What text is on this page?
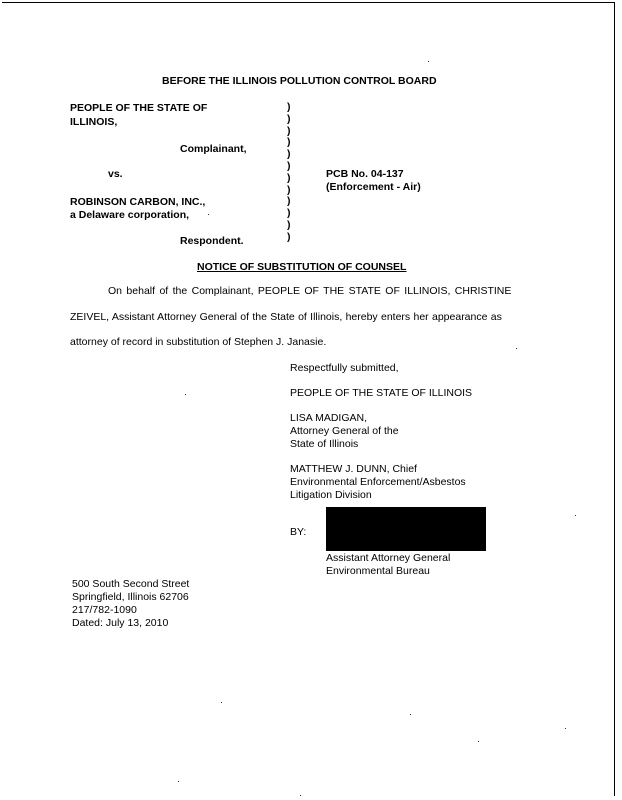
BEFORE THE ILLINOIS POLLUTION CONTROL BOARD
PEOPLE OF THE STATE OF
ILLINOIS,
Complainant,
vs.
ROBINSON CARBON, INC.,
a Delaware corporation,
Respondent.
)
)
)
)
)
)
)
)
)
)
)
)
PCB No. 04-137
(Enforcement - Air)
NOTICE OF SUBSTITUTION OF COUNSEL
On behalf of the Complainant, PEOPLE OF THE STATE OF ILLINOIS, CHRISTINE
ZEIVEL, Assistant Attorney General of the State of Illinois, hereby enters her appearance as
attorney of record in substitution of Stephen J. Janasie.
Respectfully submitted,
PEOPLE OF THE STATE OF ILLINOIS
LISA MADIGAN,
Attorney General of the
State of Illinois
MATTHEW J. DUNN, Chief
Environmental Enforcement/Asbestos
Litigation Division
BY:
Assistant Attorney General
Environmental Bureau
500 South Second Street
Springfield, Illinois 62706
217/782-1090
Dated: July 13, 2010
